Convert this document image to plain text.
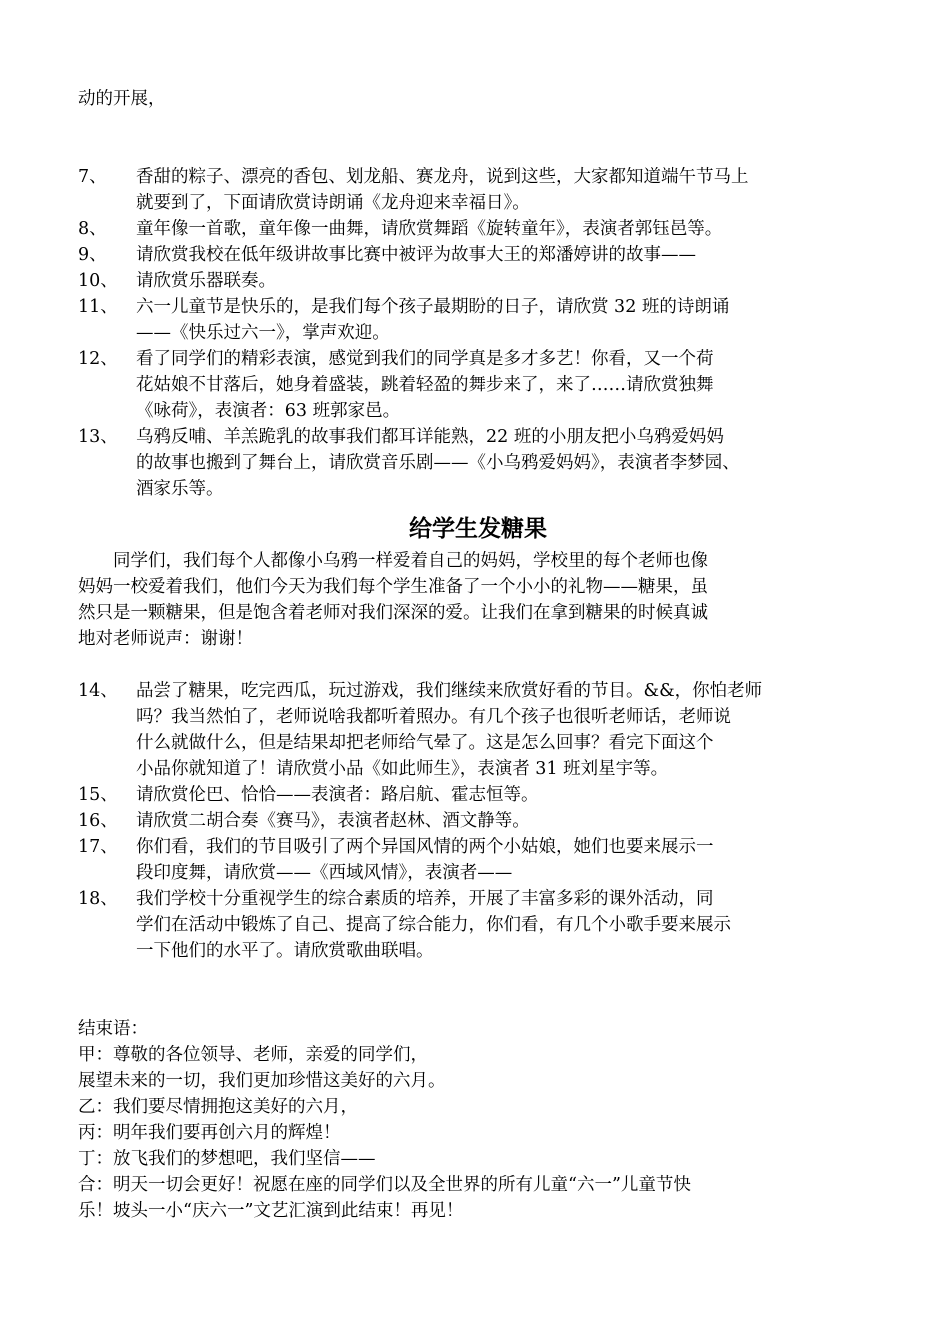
动的开展，
7、	香甜的粽子、漂亮的香包、划龙船、赛龙舟，说到这些，大家都知道端午节马上
就要到了，下面请欣赏诗朗诵《龙舟迎来幸福日》。
8、	童年像一首歌，童年像一曲舞，请欣赏舞蹈《旋转童年》，表演者郭钰邑等。
9、	请欣赏我校在低年级讲故事比赛中被评为故事大王的郑潘婷讲的故事——
10、	请欣赏乐器联奏。
11、	六一儿童节是快乐的，是我们每个孩子最期盼的日子，请欣赏 32 班的诗朗诵
——《快乐过六一》，掌声欢迎。
12、	看了同学们的精彩表演，感觉到我们的同学真是多才多艺！你看，又一个荷
花姑娘不甘落后，她身着盛装，跳着轻盈的舞步来了，来了……请欣赏独舞
《咏荷》，表演者：63 班郭家邑。
13、	乌鸦反哺、羊羔跪乳的故事我们都耳详能熟，22 班的小朋友把小乌鸦爱妈妈
的故事也搬到了舞台上，请欣赏音乐剧——《小乌鸦爱妈妈》，表演者李梦园、
酒家乐等。
给学生发糖果
　　同学们，我们每个人都像小乌鸦一样爱着自己的妈妈，学校里的每个老师也像
妈妈一校爱着我们，他们今天为我们每个学生准备了一个小小的礼物——糖果，虽
然只是一颗糖果，但是饱含着老师对我们深深的爱。让我们在拿到糖果的时候真诚
地对老师说声：谢谢！
14、	品尝了糖果，吃完西瓜，玩过游戏，我们继续来欣赏好看的节目。&&，你怕老师
吗？我当然怕了，老师说啥我都听着照办。有几个孩子也很听老师话，老师说
什么就做什么，但是结果却把老师给气晕了。这是怎么回事？看完下面这个
小品你就知道了！请欣赏小品《如此师生》，表演者 31 班刘星宇等。
15、	请欣赏伦巴、恰恰——表演者：路启航、霍志恒等。
16、	请欣赏二胡合奏《赛马》，表演者赵林、酒文静等。
17、	你们看，我们的节目吸引了两个异国风情的两个小姑娘，她们也要来展示一
段印度舞，请欣赏——《西域风情》，表演者——
18、	我们学校十分重视学生的综合素质的培养，开展了丰富多彩的课外活动，同
学们在活动中锻炼了自己、提高了综合能力，你们看，有几个小歌手要来展示
一下他们的水平了。请欣赏歌曲联唱。
结束语：
甲：尊敬的各位领导、老师，亲爱的同学们，
展望未来的一切，我们更加珍惜这美好的六月。
乙：我们要尽情拥抱这美好的六月，
丙：明年我们要再创六月的辉煌！
丁：放飞我们的梦想吧，我们坚信——
合：明天一切会更好！祝愿在座的同学们以及全世界的所有儿童“六一”儿童节快
乐！坡头一小“庆六一”文艺汇演到此结束！再见！
